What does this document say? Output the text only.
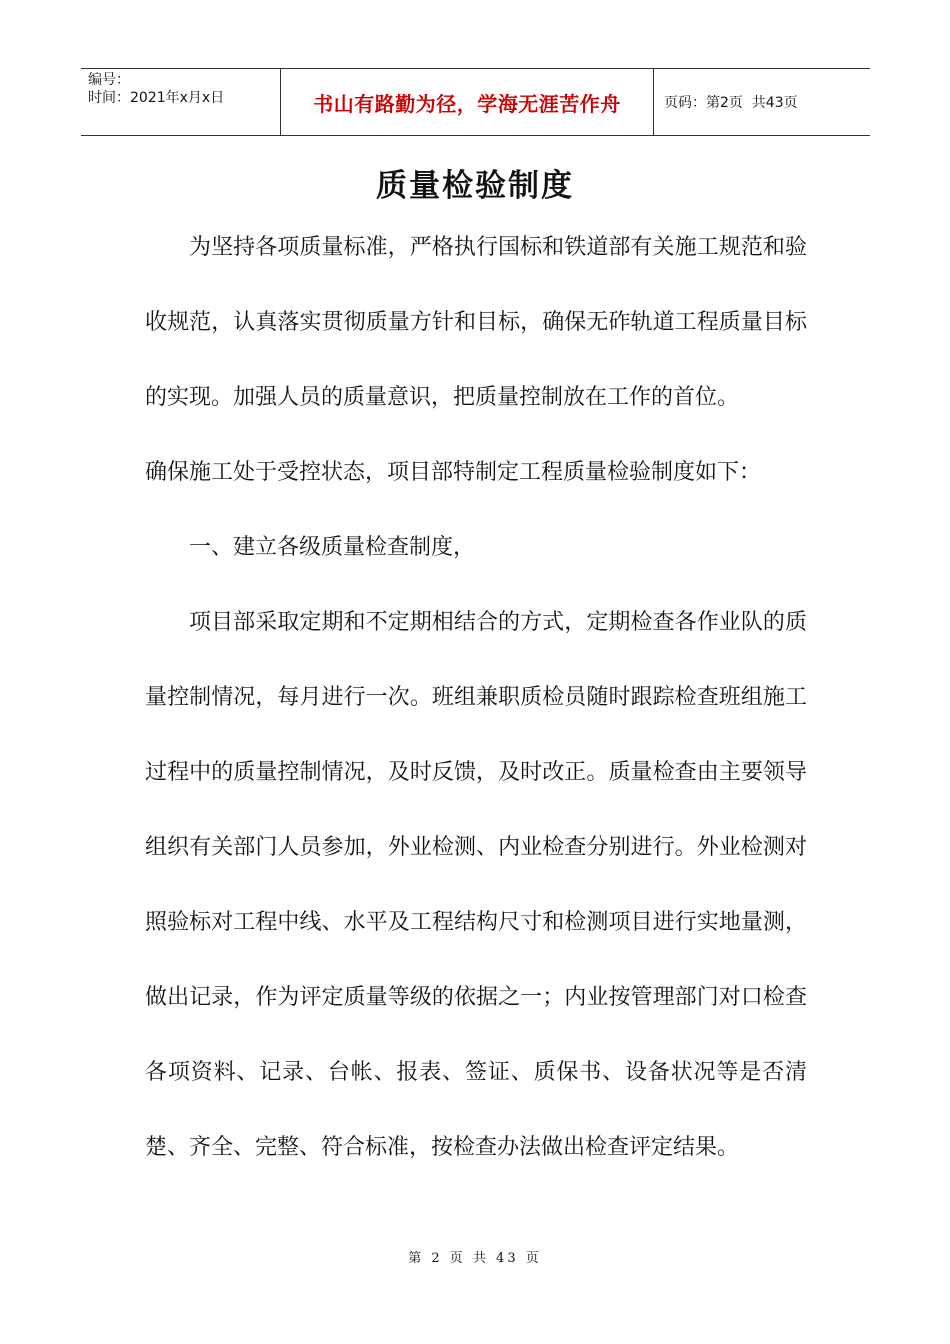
编号：
时间：2021年x月x日	书山有路勤为径，学海无涯苦作舟	页码：第2页  共43页
质量检验制度

为坚持各项质量标准，严格执行国标和铁道部有关施工规范和验收规范，认真落实贯彻质量方针和目标，确保无砟轨道工程质量目标的实现。加强人员的质量意识，把质量控制放在工作的首位。

确保施工处于受控状态，项目部特制定工程质量检验制度如下：

一、建立各级质量检查制度，

项目部采取定期和不定期相结合的方式，定期检查各作业队的质量控制情况，每月进行一次。班组兼职质检员随时跟踪检查班组施工过程中的质量控制情况，及时反馈，及时改正。质量检查由主要领导组织有关部门人员参加，外业检测、内业检查分别进行。外业检测对照验标对工程中线、水平及工程结构尺寸和检测项目进行实地量测，做出记录，作为评定质量等级的依据之一；内业按管理部门对口检查各项资料、记录、台帐、报表、签证、质保书、设备状况等是否清楚、齐全、完整、符合标准，按检查办法做出检查评定结果。

第 2 页 共 43 页
